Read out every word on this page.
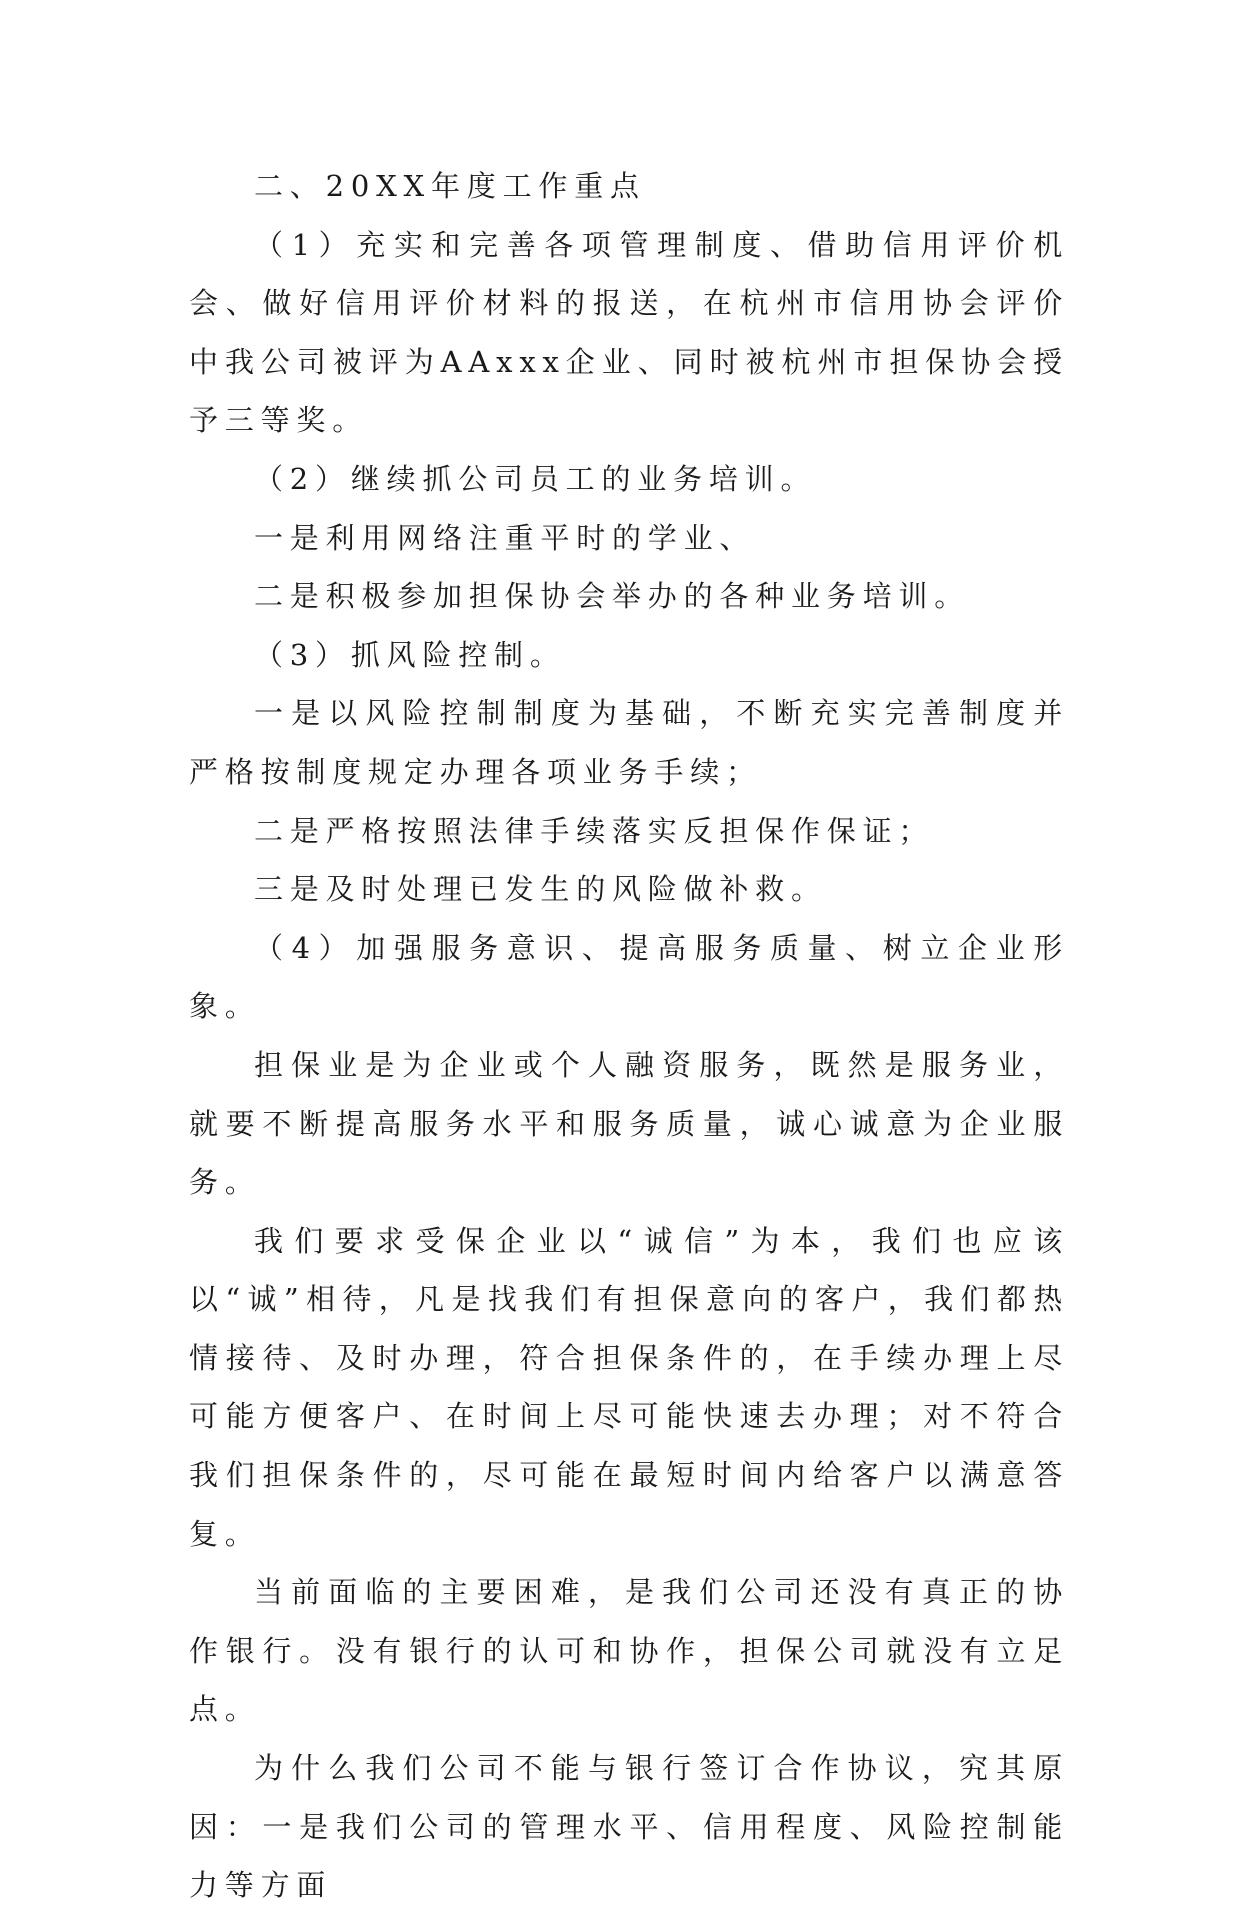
二、20XX年度工作重点

（1）充实和完善各项管理制度、借助信用评价机会、做好信用评价材料的报送，在杭州市信用协会评价中我公司被评为AAxxx企业、同时被杭州市担保协会授予三等奖。

（2）继续抓公司员工的业务培训。

一是利用网络注重平时的学业、

二是积极参加担保协会举办的各种业务培训。

（3）抓风险控制。

一是以风险控制制度为基础，不断充实完善制度并严格按制度规定办理各项业务手续；

二是严格按照法律手续落实反担保作保证；

三是及时处理已发生的风险做补救。

（4）加强服务意识、提高服务质量、树立企业形象。

担保业是为企业或个人融资服务，既然是服务业，就要不断提高服务水平和服务质量，诚心诚意为企业服务。

我们要求受保企业以“诚信”为本，我们也应该以“诚”相待，凡是找我们有担保意向的客户，我们都热情接待、及时办理，符合担保条件的，在手续办理上尽可能方便客户、在时间上尽可能快速去办理；对不符合我们担保条件的，尽可能在最短时间内给客户以满意答复。

当前面临的主要困难，是我们公司还没有真正的协作银行。没有银行的认可和协作，担保公司就没有立足点。

为什么我们公司不能与银行签订合作协议，究其原因：一是我们公司的管理水平、信用程度、风险控制能力等方面
